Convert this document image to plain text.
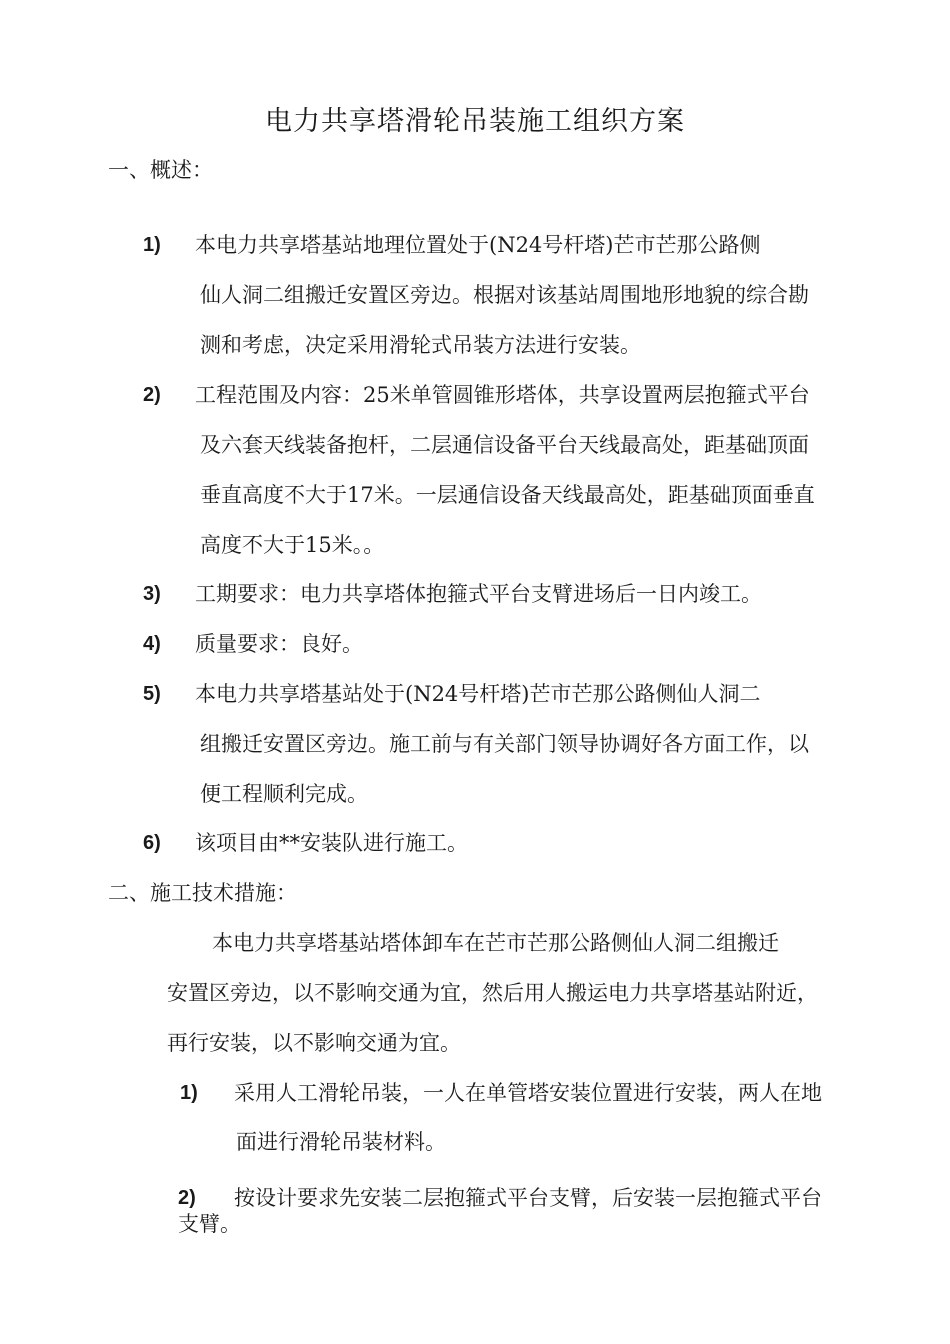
电力共享塔滑轮吊装施工组织方案
一、概述：
1) 本电力共享塔基站地理位置处于(N24号杆塔)芒市芒那公路侧
仙人洞二组搬迁安置区旁边。根据对该基站周围地形地貌的综合勘
测和考虑，决定采用滑轮式吊装方法进行安装。
2) 工程范围及内容：25米单管圆锥形塔体，共享设置两层抱箍式平台
及六套天线装备抱杆，二层通信设备平台天线最高处，距基础顶面
垂直高度不大于17米。一层通信设备天线最高处，距基础顶面垂直
高度不大于15米。。
3) 工期要求：电力共享塔体抱箍式平台支臂进场后一日内竣工。
4) 质量要求：良好。
5) 本电力共享塔基站处于(N24号杆塔)芒市芒那公路侧仙人洞二
组搬迁安置区旁边。施工前与有关部门领导协调好各方面工作，以
便工程顺利完成。
6) 该项目由**安装队进行施工。
二、施工技术措施：
本电力共享塔基站塔体卸车在芒市芒那公路侧仙人洞二组搬迁
安置区旁边，以不影响交通为宜，然后用人搬运电力共享塔基站附近，
再行安装，以不影响交通为宜。
1) 采用人工滑轮吊装，一人在单管塔安装位置进行安装，两人在地
面进行滑轮吊装材料。
2) 按设计要求先安装二层抱箍式平台支臂，后安装一层抱箍式平台
支臂。
